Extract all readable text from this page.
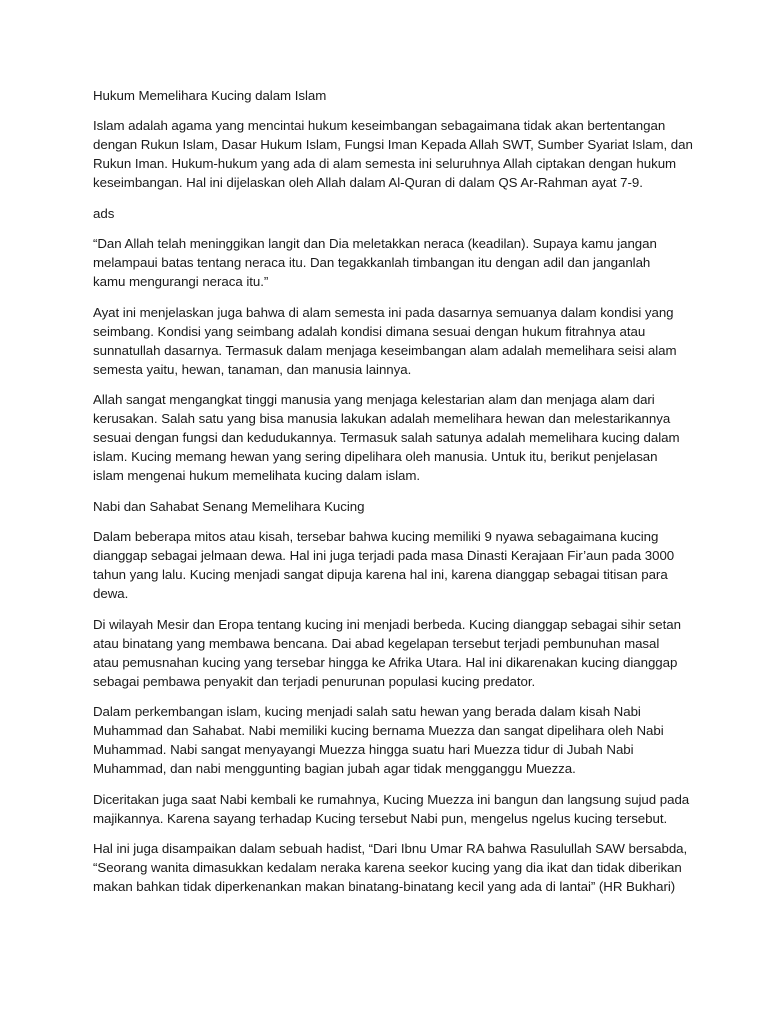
Hukum Memelihara Kucing dalam Islam
Islam adalah agama yang mencintai hukum keseimbangan sebagaimana tidak akan bertentangan
dengan Rukun Islam, Dasar Hukum Islam, Fungsi Iman Kepada Allah SWT, Sumber Syariat Islam, dan
Rukun Iman. Hukum-hukum yang ada di alam semesta ini seluruhnya Allah ciptakan dengan hukum
keseimbangan. Hal ini dijelaskan oleh Allah dalam Al-Quran di dalam QS Ar-Rahman ayat 7-9.
ads
“Dan Allah telah meninggikan langit dan Dia meletakkan neraca (keadilan). Supaya kamu jangan
melampaui batas tentang neraca itu. Dan tegakkanlah timbangan itu dengan adil dan janganlah
kamu mengurangi neraca itu.”
Ayat ini menjelaskan juga bahwa di alam semesta ini pada dasarnya semuanya dalam kondisi yang
seimbang. Kondisi yang seimbang adalah kondisi dimana sesuai dengan hukum fitrahnya atau
sunnatullah dasarnya. Termasuk dalam menjaga keseimbangan alam adalah memelihara seisi alam
semesta yaitu, hewan, tanaman, dan manusia lainnya.
Allah sangat mengangkat tinggi manusia yang menjaga kelestarian alam dan menjaga alam dari
kerusakan. Salah satu yang bisa manusia lakukan adalah memelihara hewan dan melestarikannya
sesuai dengan fungsi dan kedudukannya. Termasuk salah satunya adalah memelihara kucing dalam
islam. Kucing memang hewan yang sering dipelihara oleh manusia. Untuk itu, berikut penjelasan
islam mengenai hukum memelihata kucing dalam islam.
Nabi dan Sahabat Senang Memelihara Kucing
Dalam beberapa mitos atau kisah, tersebar bahwa kucing memiliki 9 nyawa sebagaimana kucing
dianggap sebagai jelmaan dewa. Hal ini juga terjadi pada masa Dinasti Kerajaan Fir’aun pada 3000
tahun yang lalu. Kucing menjadi sangat dipuja karena hal ini, karena dianggap sebagai titisan para
dewa.
Di wilayah Mesir dan Eropa tentang kucing ini menjadi berbeda. Kucing dianggap sebagai sihir setan
atau binatang yang membawa bencana. Dai abad kegelapan tersebut terjadi pembunuhan masal
atau pemusnahan kucing yang tersebar hingga ke Afrika Utara. Hal ini dikarenakan kucing dianggap
sebagai pembawa penyakit dan terjadi penurunan populasi kucing predator.
Dalam perkembangan islam, kucing menjadi salah satu hewan yang berada dalam kisah Nabi
Muhammad dan Sahabat. Nabi memiliki kucing bernama Muezza dan sangat dipelihara oleh Nabi
Muhammad. Nabi sangat menyayangi Muezza hingga suatu hari Muezza tidur di Jubah Nabi
Muhammad, dan nabi menggunting bagian jubah agar tidak mengganggu Muezza.
Diceritakan juga saat Nabi kembali ke rumahnya, Kucing Muezza ini bangun dan langsung sujud pada
majikannya. Karena sayang terhadap Kucing tersebut Nabi pun, mengelus ngelus kucing tersebut.
Hal ini juga disampaikan dalam sebuah hadist, “Dari Ibnu Umar RA bahwa Rasulullah SAW bersabda,
“Seorang wanita dimasukkan kedalam neraka karena seekor kucing yang dia ikat dan tidak diberikan
makan bahkan tidak diperkenankan makan binatang-binatang kecil yang ada di lantai” (HR Bukhari)
